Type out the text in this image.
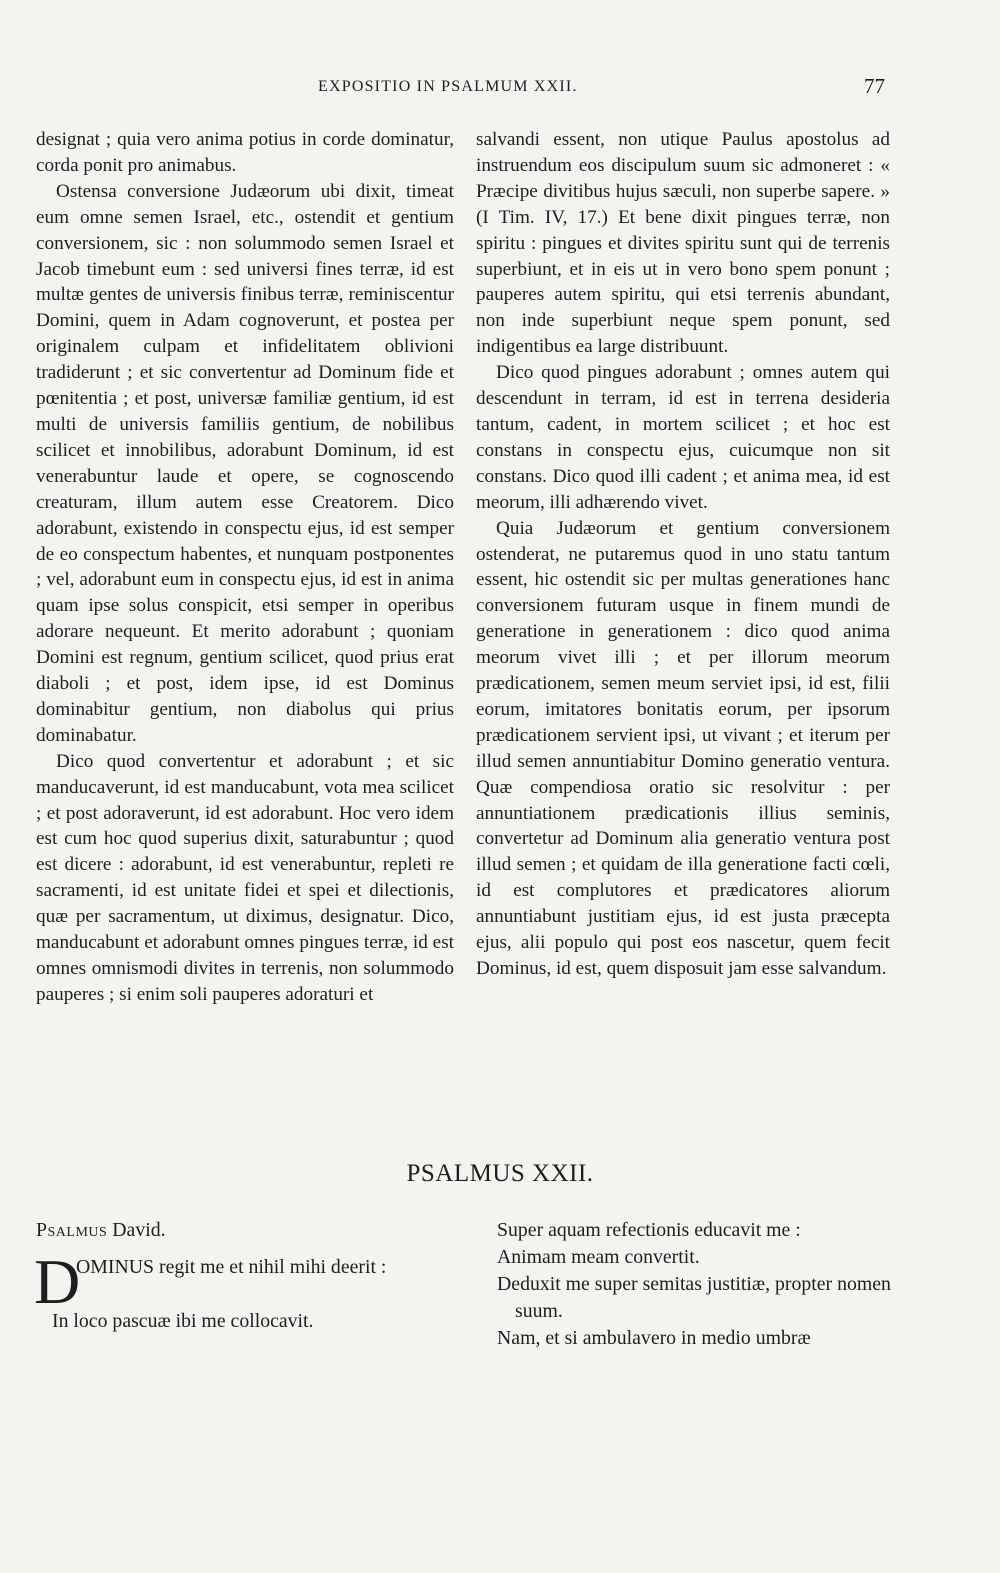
EXPOSITIO IN PSALMUM XXII.	77

designat ; quia vero anima potius in corde dominatur, corda ponit pro animabus.

Ostensa conversione Judæorum ubi dixit, timeat eum omne semen Israel, etc., ostendit et gentium conversionem, sic : non solummodo semen Israel et Jacob timebunt eum : sed universi fines terræ, id est multæ gentes de universis finibus terræ, reminiscentur Domini, quem in Adam cognoverunt, et postea per originalem culpam et infidelitatem oblivioni tradiderunt ; et sic convertentur ad Dominum fide et pœnitentia ; et post, universæ familiæ gentium, id est multi de universis familiis gentium, de nobilibus scilicet et innobilibus, adorabunt Dominum, id est venerabuntur laude et opere, se cognoscendo creaturam, illum autem esse Creatorem. Dico adorabunt, existendo in conspectu ejus, id est semper de eo conspectum habentes, et nunquam postponentes ; vel, adorabunt eum in conspectu ejus, id est in anima quam ipse solus conspicit, etsi semper in operibus adorare nequeunt. Et merito adorabunt ; quoniam Domini est regnum, gentium scilicet, quod prius erat diaboli ; et post, idem ipse, id est Dominus dominabitur gentium, non diabolus qui prius dominabatur.

Dico quod convertentur et adorabunt ; et sic manducaverunt, id est manducabunt, vota mea scilicet ; et post adoraverunt, id est adorabunt. Hoc vero idem est cum hoc quod superius dixit, saturabuntur ; quod est dicere : adorabunt, id est venerabuntur, repleti re sacramenti, id est unitate fidei et spei et dilectionis, quæ per sacramentum, ut diximus, designatur. Dico, manducabunt et adorabunt omnes pingues terræ, id est omnes omnismodi divites in terrenis, non solummodo pauperes ; si enim soli pauperes adoraturi et

salvandi essent, non utique Paulus apostolus ad instruendum eos discipulum suum sic admoneret : « Præcipe divitibus hujus sæculi, non superbe sapere. » (I Tim. IV, 17.) Et bene dixit pingues terræ, non spiritu : pingues et divites spiritu sunt qui de terrenis superbiunt, et in eis ut in vero bono spem ponunt ; pauperes autem spiritu, qui etsi terrenis abundant, non inde superbiunt neque spem ponunt, sed indigentibus ea large distribuunt.

Dico quod pingues adorabunt ; omnes autem qui descendunt in terram, id est in terrena desideria tantum, cadent, in mortem scilicet ; et hoc est constans in conspectu ejus, cuicumque non sit constans. Dico quod illi cadent ; et anima mea, id est meorum, illi adhærendo vivet.

Quia Judæorum et gentium conversionem ostenderat, ne putaremus quod in uno statu tantum essent, hic ostendit sic per multas generationes hanc conversionem futuram usque in finem mundi de generatione in generationem : dico quod anima meorum vivet illi ; et per illorum meorum prædicationem, semen meum serviet ipsi, id est, filii eorum, imitatores bonitatis eorum, per ipsorum prædicationem servient ipsi, ut vivant ; et iterum per illud semen annuntiabitur Domino generatio ventura. Quæ compendiosa oratio sic resolvitur : per annuntiationem prædicationis illius seminis, convertetur ad Dominum alia generatio ventura post illud semen ; et quidam de illa generatione facti cœli, id est complutores et prædicatores aliorum annuntiabunt justitiam ejus, id est justa præcepta ejus, alii populo qui post eos nascetur, quem fecit Dominus, id est, quem disposuit jam esse salvandum.

PSALMUS XXII.

Psalmus David.

D
OMINUS regit me et nihil mihi deerit :

In loco pascuæ ibi me collocavit.

Super aquam refectionis educavit me :

Animam meam convertit.

Deduxit me super semitas justitiæ, propter nomen suum.

Nam, et si ambulavero in medio umbræ
